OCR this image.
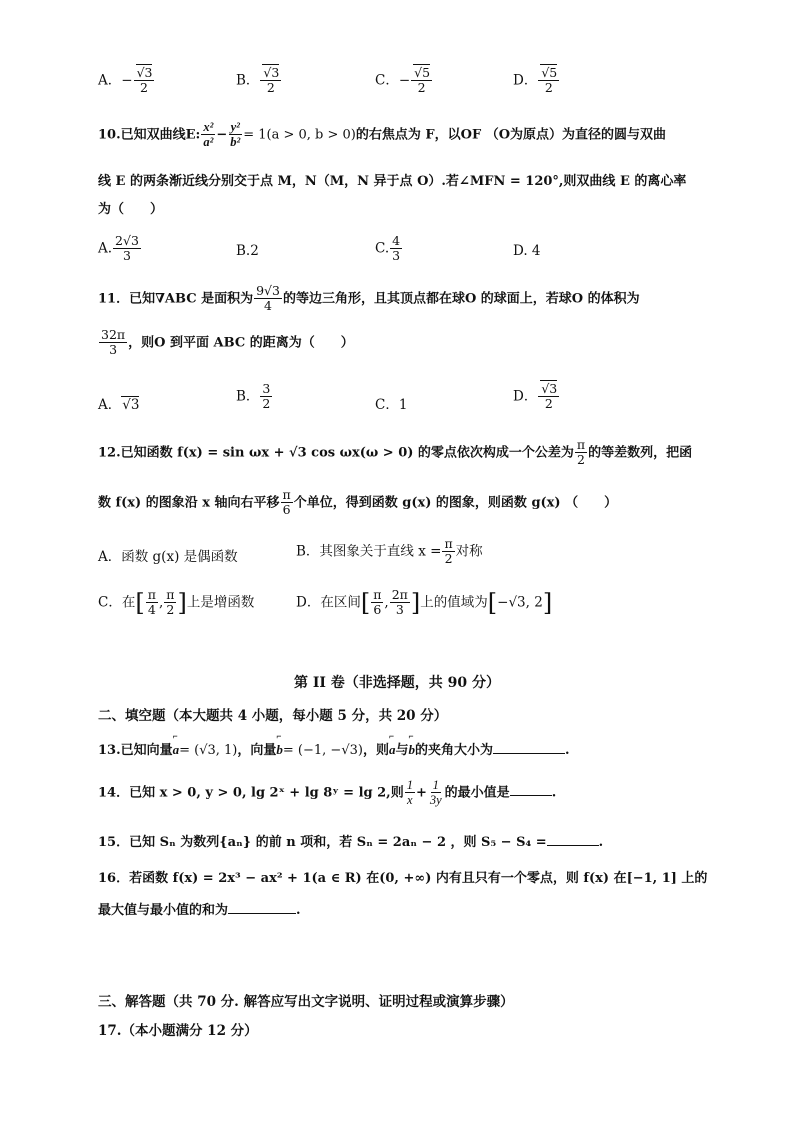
A．− $\frac{√3}{2}$	B． $\frac{√3}{2}$	C．− $\frac{√5}{2}$	D． $\frac{√5}{2}$
10.已知双曲线E: $\frac{\text{x²}}{\text{a²}} - \frac{\text{y²}}{\text{b²}} = 1(a > 0$, b > 0)的右焦点为 F，以OF （O为原点）为直径的圆与双曲
线 E 的两条渐近线分别交于点 M，N（M，N 异于点 O）.若∠MFN = 120°,则双曲线 E 的离心率
为（　　）
A. $\frac{2√3}{3}$	B.2	C. $\frac{4}{3}$	D. 4
11．已知∇ABC 是面积为 $\frac{9√3}{4}$ 的等边三角形，且其顶点都在球O 的球面上，若球O 的体积为
$\frac{32\pi}{3}$ ，则O 到平面 ABC 的距离为（　　）
A．√3
B． $\frac{3}{2}$	C．1
D． $\frac{√3}{2}$
12.已知函数 f(x) = sin ωx + √3 cos ωx(ω > 0) 的零点依次构成一个公差为 $\frac{\pi}{2}$ 的等差数列，把函
数 f(x) 的图象沿 x 轴向右平移 $\frac{\pi}{6}$ 个单位，得到函数 g(x) 的图象，则函数 g(x) （　　）
A．函数 g(x) 是偶函数	B．其图象关于直线 $x = \frac{\pi}{2}$ 对称
C．在[ $\frac{\pi}{4}$ , $\frac{\pi}{2}$ ]上是增函数	D．在区间[ $\frac{\pi}{6}$ , $\frac{2\pi}{3}$ ]上的值域为[−√3, 2]
第 II 卷（非选择题，共 90 分）
二、填空题（本大题共 4 小题，每小题 5 分，共 20 分）
13.已知向量⌐ a= (√3, 1)，向量⌐ b= (−1, −√3)，则⌐ a与⌐ b的夹角大小为	.
14．已知 x > 0, y > 0, lg 2ˣ + lg 8ʸ = lg 2,则 $\frac{1}{x} + \frac{1}{3y}$ 的最小值是	.
15．已知 Sₙ 为数列{aₙ} 的前 n 项和，若 Sₙ = 2aₙ − 2 ，则 S₅ − S₄ =	.
16．若函数 f(x) = 2x³ − ax² + 1(a ∈ R) 在(0, +∞) 内有且只有一个零点，则 f(x) 在[−1, 1] 上的
最大值与最小值的和为	.
三、解答题（共 70 分. 解答应写出文字说明、证明过程或演算步骤）
17.（本小题满分 12 分）
